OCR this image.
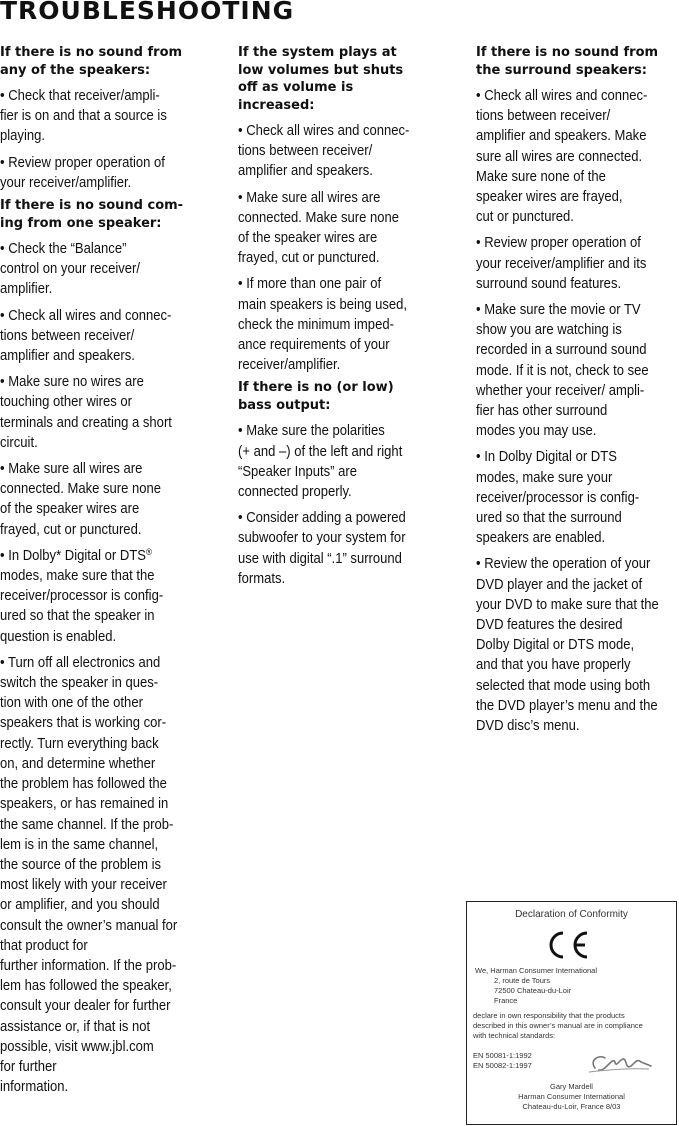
TROUBLESHOOTING
If there is no sound from
any of the speakers:
• Check that receiver/ampli-
fier is on and that a source is
playing.
• Review proper operation of
your receiver/amplifier.
If there is no sound com-
ing from one speaker:
• Check the “Balance”
control on your receiver/
amplifier.
• Check all wires and connec-
tions between receiver/
amplifier and speakers.
• Make sure no wires are
touching other wires or
terminals and creating a short
circuit.
• Make sure all wires are
connected. Make sure none
of the speaker wires are
frayed, cut or punctured.
• In Dolby* Digital or DTS®
modes, make sure that the
receiver/processor is config-
ured so that the speaker in
question is enabled.
• Turn off all electronics and
switch the speaker in ques-
tion with one of the other
speakers that is working cor-
rectly. Turn everything back
on, and determine whether
the problem has followed the
speakers, or has remained in
the same channel. If the prob-
lem is in the same channel,
the source of the problem is
most likely with your receiver
or amplifier, and you should
consult the owner’s manual for
that product for
further information. If the prob-
lem has followed the speaker,
consult your dealer for further
assistance or, if that is not
possible, visit www.jbl.com
for further
information.
If the system plays at
low volumes but shuts
off as volume is
increased:
• Check all wires and connec-
tions between receiver/
amplifier and speakers.
• Make sure all wires are
connected. Make sure none
of the speaker wires are
frayed, cut or punctured.
• If more than one pair of
main speakers is being used,
check the minimum imped-
ance requirements of your
receiver/amplifier.
If there is no (or low)
bass output:
• Make sure the polarities
(+ and –) of the left and right
“Speaker Inputs” are
connected properly.
• Consider adding a powered
subwoofer to your system for
use with digital “.1” surround
formats.
If there is no sound from
the surround speakers:
• Check all wires and connec-
tions between receiver/
amplifier and speakers. Make
sure all wires are connected.
Make sure none of the
speaker wires are frayed,
cut or punctured.
• Review proper operation of
your receiver/amplifier and its
surround sound features.
• Make sure the movie or TV
show you are watching is
recorded in a surround sound
mode. If it is not, check to see
whether your receiver/ ampli-
fier has other surround
modes you may use.
• In Dolby Digital or DTS
modes, make sure your
receiver/processor is config-
ured so that the surround
speakers are enabled.
• Review the operation of your
DVD player and the jacket of
your DVD to make sure that the
DVD features the desired
Dolby Digital or DTS mode,
and that you have properly
selected that mode using both
the DVD player’s menu and the
DVD disc’s menu.
Declaration of Conformity
We, Harman Consumer International
2, route de Tours
72500 Chateau-du-Loir
France
declare in own responsibility that the products
described in this owner’s manual are in compliance
with technical standards:
EN 50081-1:1992
EN 50082-1:1997
Gary Mardell
Harman Consumer International
Chateau-du-Loir, France 8/03
